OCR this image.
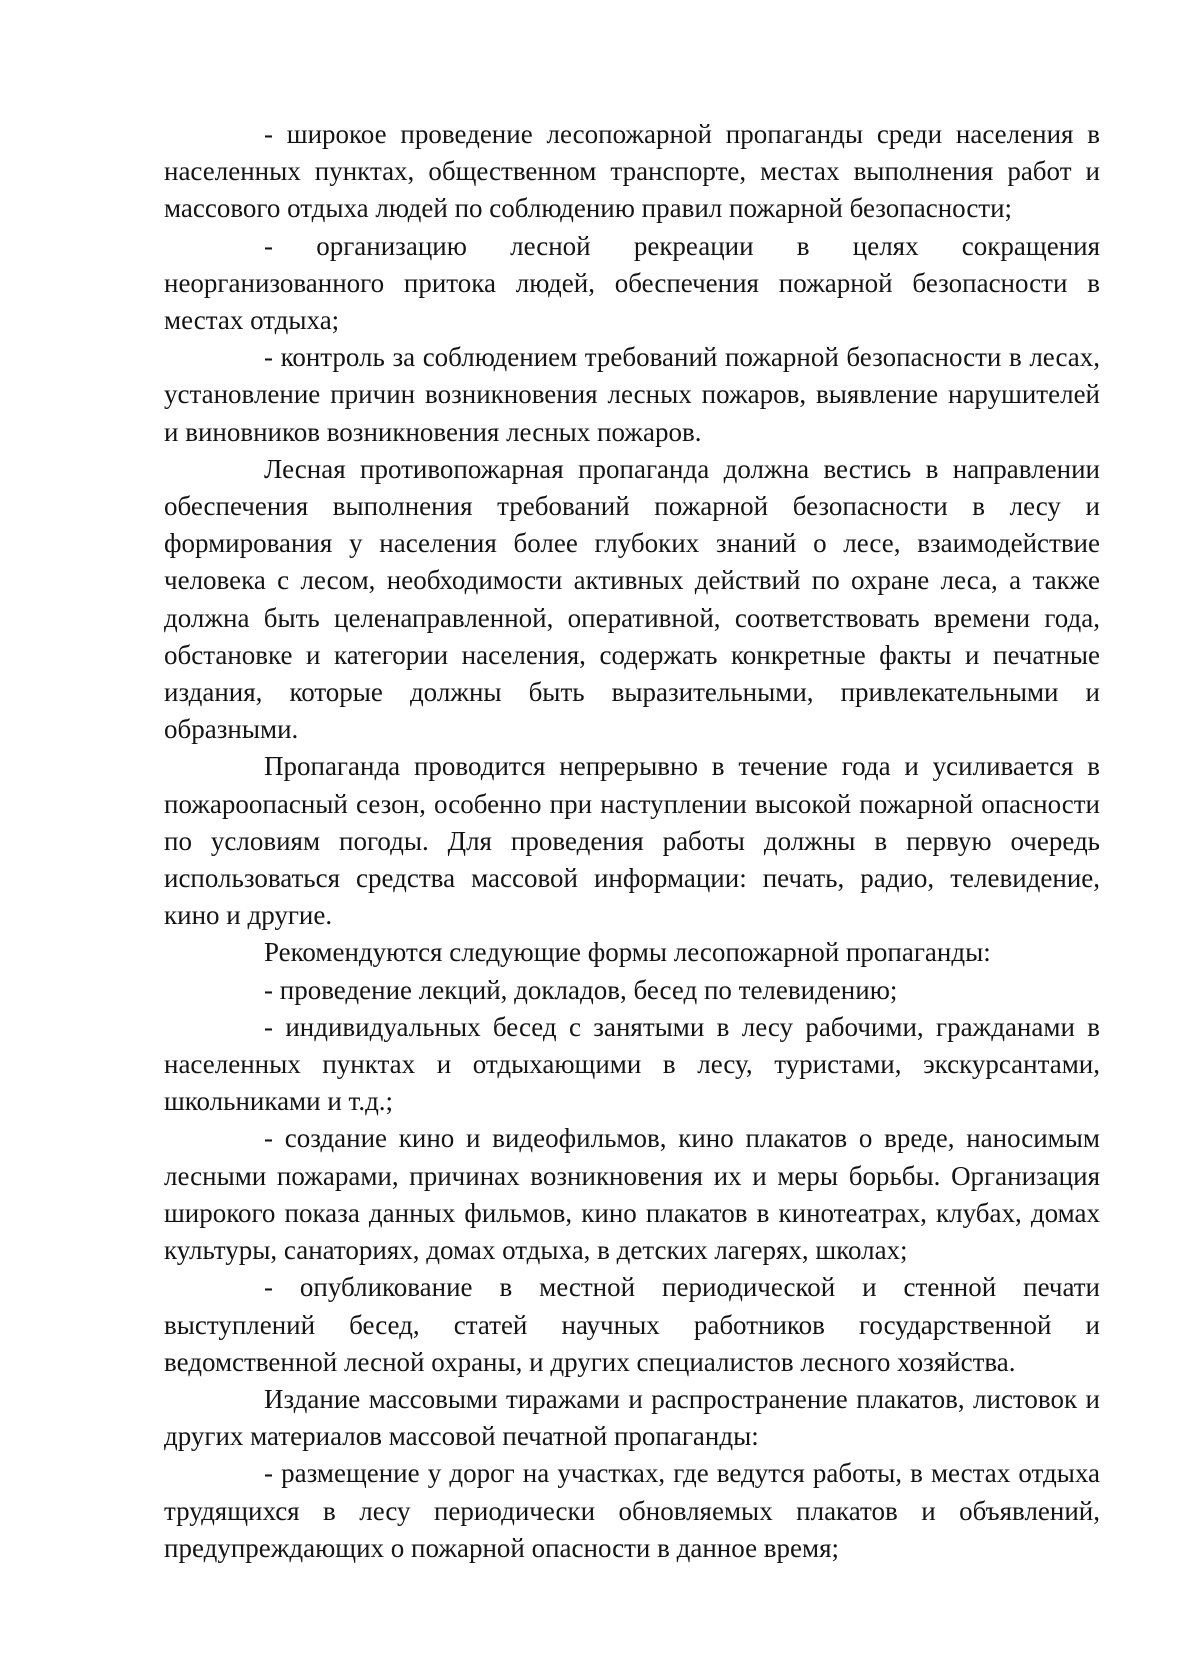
- широкое проведение лесопожарной пропаганды среди населения в населенных пунктах, общественном транспорте, местах выполнения работ и массового отдыха людей по соблюдению правил пожарной безопасности;

- организацию лесной рекреации в целях сокращения неорганизованного притока людей, обеспечения пожарной безопасности в местах отдыха;

- контроль за соблюдением требований пожарной безопасности в лесах, установление причин возникновения лесных пожаров, выявление нарушителей и виновников возникновения лесных пожаров.

Лесная противопожарная пропаганда должна вестись в направлении обеспечения выполнения требований пожарной безопасности в лесу и формирования у населения более глубоких знаний о лесе, взаимодействие человека с лесом, необходимости активных действий по охране леса, а также должна быть целенаправленной, оперативной, соответствовать времени года, обстановке и категории населения, содержать конкретные факты и печатные издания, которые должны быть выразительными, привлекательными и образными.

Пропаганда проводится непрерывно в течение года и усиливается в пожароопасный сезон, особенно при наступлении высокой пожарной опасности по условиям погоды. Для проведения работы должны в первую очередь использоваться средства массовой информации: печать, радио, телевидение, кино и другие.

Рекомендуются следующие формы лесопожарной пропаганды:

- проведение лекций, докладов, бесед по телевидению;

- индивидуальных бесед с занятыми в лесу рабочими, гражданами в населенных пунктах и отдыхающими в лесу, туристами, экскурсантами, школьниками и т.д.;

- создание кино и видеофильмов, кино плакатов о вреде, наносимым лесными пожарами, причинах возникновения их и меры борьбы. Организация широкого показа данных фильмов, кино плакатов в кинотеатрах, клубах, домах культуры, санаториях, домах отдыха, в детских лагерях, школах;

- опубликование в местной периодической и стенной печати выступлений бесед, статей научных работников государственной и ведомственной лесной охраны, и других специалистов лесного хозяйства.

Издание массовыми тиражами и распространение плакатов, листовок и других материалов массовой печатной пропаганды:

- размещение у дорог на участках, где ведутся работы, в местах отдыха трудящихся в лесу периодически обновляемых плакатов и объявлений, предупреждающих о пожарной опасности в данное время;
